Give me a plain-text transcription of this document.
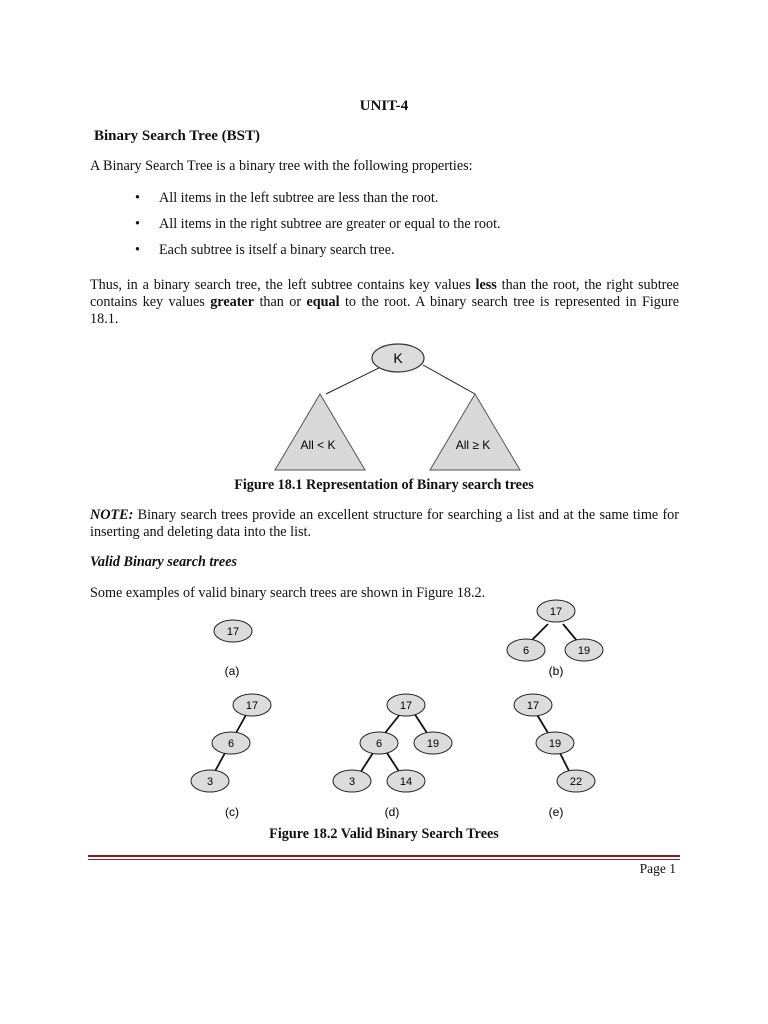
UNIT-4
Binary Search Tree (BST)
A Binary Search Tree is a binary tree with the following properties:
• All items in the left subtree are less than the root.
• All items in the right subtree are greater or equal to the root.
• Each subtree is itself a binary search tree.
Thus, in a binary search tree, the left subtree contains key values less than the root, the right subtree contains key values greater than or equal to the root. A binary search tree is represented in Figure 18.1.
K
All < K	All ≥ K
Figure 18.1 Representation of Binary search trees
NOTE: Binary search trees provide an excellent structure for searching a list and at the same time for inserting and deleting data into the list.
Valid Binary search trees
Some examples of valid binary search trees are shown in Figure 18.2.
17
(a)
17
6	19
(b)
17
6
3
(c)
17
6	19
3	14
(d)
17
19
22
(e)
Figure 18.2 Valid Binary Search Trees
Page 1
